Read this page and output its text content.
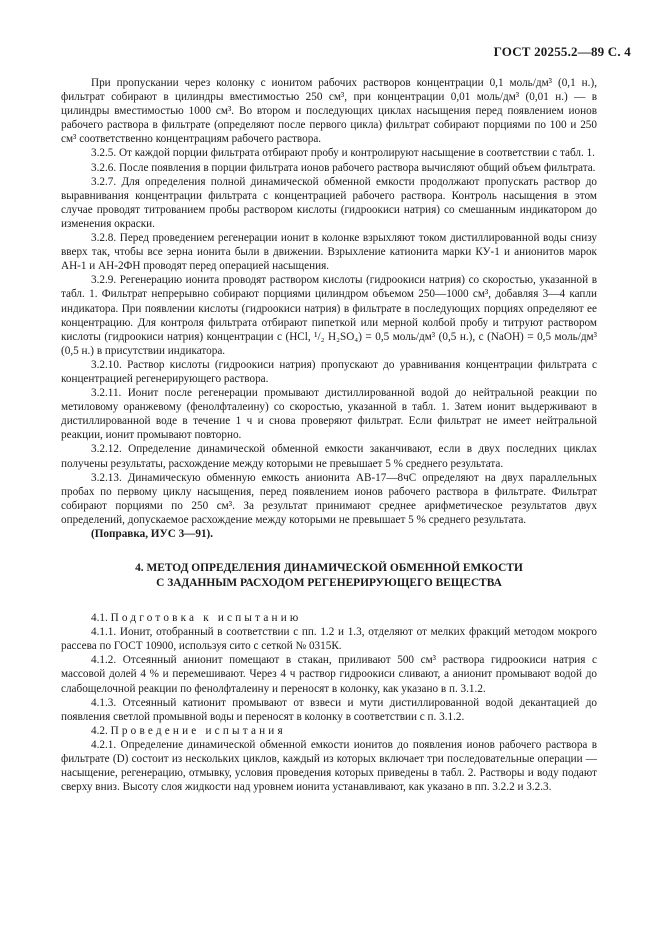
ГОСТ 20255.2—89 С. 4

При пропускании через колонку с ионитом рабочих растворов концентрации 0,1 моль/дм³ (0,1 н.), фильтрат собирают в цилиндры вместимостью 250 см³, при концентрации 0,01 моль/дм³ (0,01 н.) — в цилиндры вместимостью 1000 см³. Во втором и последующих циклах насыщения перед появлением ионов рабочего раствора в фильтрате (определяют после первого цикла) фильтрат собирают порциями по 100 и 250 см³ соответственно концентрациям рабочего раствора.

3.2.5. От каждой порции фильтрата отбирают пробу и контролируют насыщение в соответствии с табл. 1.

3.2.6. После появления в порции фильтрата ионов рабочего раствора вычисляют общий объем фильтрата.

3.2.7. Для определения полной динамической обменной емкости продолжают пропускать раствор до выравнивания концентрации фильтрата с концентрацией рабочего раствора. Контроль насыщения в этом случае проводят титрованием пробы раствором кислоты (гидроокиси натрия) со смешанным индикатором до изменения окраски.

3.2.8. Перед проведением регенерации ионит в колонке взрыхляют током дистиллированной воды снизу вверх так, чтобы все зерна ионита были в движении. Взрыхление катионита марки КУ-1 и анионитов марок АН-1 и АН-2ФН проводят перед операцией насыщения.

3.2.9. Регенерацию ионита проводят раствором кислоты (гидроокиси натрия) со скоростью, указанной в табл. 1. Фильтрат непрерывно собирают порциями цилиндром объемом 250—1000 см³, добавляя 3—4 капли индикатора. При появлении кислоты (гидроокиси натрия) в фильтрате в последующих порциях определяют ее концентрацию. Для контроля фильтрата отбирают пипеткой или мерной колбой пробу и титруют раствором кислоты (гидроокиси натрия) концентрации c (HCl, ¹/₂ H₂SO₄) = 0,5 моль/дм³ (0,5 н.), c (NaOH) = 0,5 моль/дм³ (0,5 н.) в присутствии индикатора.

3.2.10. Раствор кислоты (гидроокиси натрия) пропускают до уравнивания концентрации фильтрата с концентрацией регенерирующего раствора.

3.2.11. Ионит после регенерации промывают дистиллированной водой до нейтральной реакции по метиловому оранжевому (фенолфталеину) со скоростью, указанной в табл. 1. Затем ионит выдерживают в дистиллированной воде в течение 1 ч и снова проверяют фильтрат. Если фильтрат не имеет нейтральной реакции, ионит промывают повторно.

3.2.12. Определение динамической обменной емкости заканчивают, если в двух последних циклах получены результаты, расхождение между которыми не превышает 5 % среднего результата.

3.2.13. Динамическую обменную емкость анионита АВ-17—8чС определяют на двух параллельных пробах по первому циклу насыщения, перед появлением ионов рабочего раствора в фильтрате. Фильтрат собирают порциями по 250 см³. За результат принимают среднее арифметическое результатов двух определений, допускаемое расхождение между которыми не превышает 5 % среднего результата.

(Поправка, ИУС 3—91).

4. МЕТОД ОПРЕДЕЛЕНИЯ ДИНАМИЧЕСКОЙ ОБМЕННОЙ ЕМКОСТИ
С ЗАДАННЫМ РАСХОДОМ РЕГЕНЕРИРУЮЩЕГО ВЕЩЕСТВА

4.1. Подготовка к испытанию

4.1.1. Ионит, отобранный в соответствии с пп. 1.2 и 1.3, отделяют от мелких фракций методом мокрого рассева по ГОСТ 10900, используя сито с сеткой № 0315К.

4.1.2. Отсеянный анионит помещают в стакан, приливают 500 см³ раствора гидроокиси натрия с массовой долей 4 % и перемешивают. Через 4 ч раствор гидроокиси сливают, а анионит промывают водой до слабощелочной реакции по фенолфталеину и переносят в колонку, как указано в п. 3.1.2.

4.1.3. Отсеянный катионит промывают от взвеси и мути дистиллированной водой декантацией до появления светлой промывной воды и переносят в колонку в соответствии с п. 3.1.2.

4.2. Проведение испытания

4.2.1. Определение динамической обменной емкости ионитов до появления ионов рабочего раствора в фильтрате (D) состоит из нескольких циклов, каждый из которых включает три последовательные операции — насыщение, регенерацию, отмывку, условия проведения которых приведены в табл. 2. Растворы и воду подают сверху вниз. Высоту слоя жидкости над уровнем ионита устанавливают, как указано в пп. 3.2.2 и 3.2.3.
